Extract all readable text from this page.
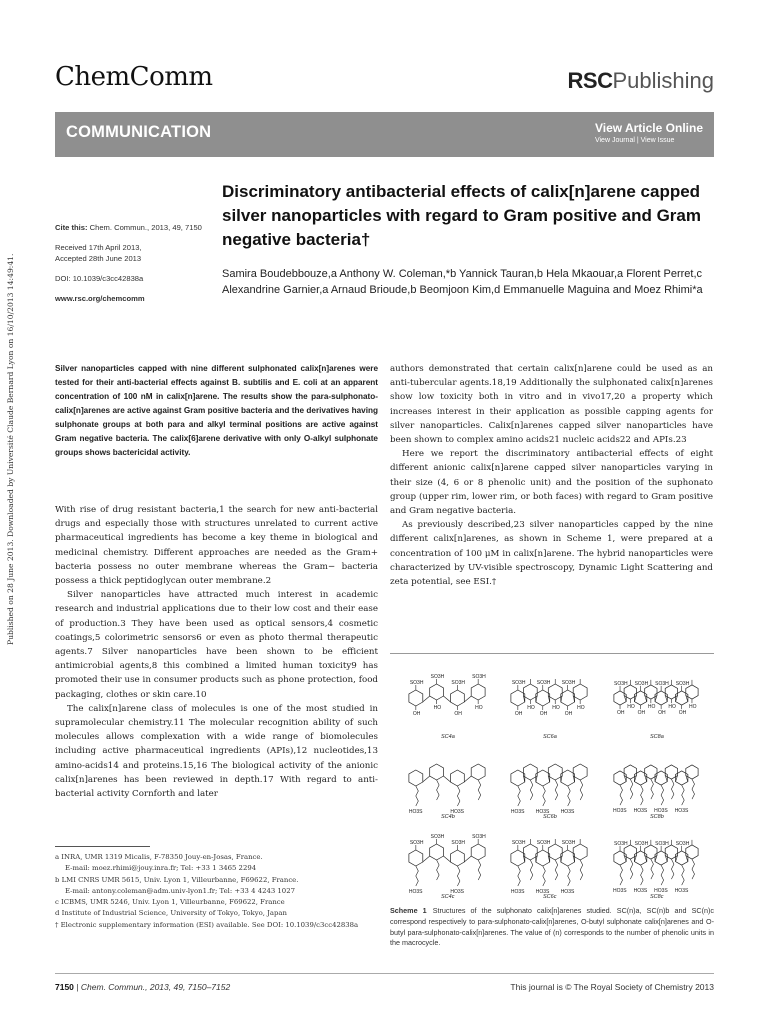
Published on 28 June 2013. Downloaded by Université Claude Bernard Lyon on 16/10/2013 14:49:41.
ChemComm	RSCPublishing
COMMUNICATION	View Article Online
View Journal | View Issue
Cite this: Chem. Commun., 2013, 49, 7150
Received 17th April 2013,
Accepted 28th June 2013
DOI: 10.1039/c3cc42838a
www.rsc.org/chemcomm
Discriminatory antibacterial effects of calix[n]arene capped silver nanoparticles with regard to Gram positive and Gram negative bacteria†
Samira Boudebbouze,a Anthony W. Coleman,*b Yannick Tauran,b Hela Mkaouar,a Florent Perret,c Alexandrine Garnier,a Arnaud Brioude,b Beomjoon Kim,d Emmanuelle Maguina and Moez Rhimi*a
Silver nanoparticles capped with nine different sulphonated calix[n]arenes were tested for their anti-bacterial effects against B. subtilis and E. coli at an apparent concentration of 100 nM in calix[n]arene. The results show the para-sulphonato-calix[n]arenes are active against Gram positive bacteria and the derivatives having sulphonate groups at both para and alkyl terminal positions are active against Gram negative bacteria. The calix[6]arene derivative with only O-alkyl sulphonate groups shows bactericidal activity.

With rise of drug resistant bacteria,1 the search for new anti-bacterial drugs and especially those with structures unrelated to current active pharmaceutical ingredients has become a key theme in biological and medicinal chemistry. Different approaches are needed as the Gram+ bacteria possess no outer membrane whereas the Gram− bacteria possess a thick peptidoglycan outer membrane.2

Silver nanoparticles have attracted much interest in academic research and industrial applications due to their low cost and their ease of production.3 They have been used as optical sensors,4 cosmetic coatings,5 colorimetric sensors6 or even as photo thermal therapeutic agents.7 Silver nanoparticles have been shown to be efficient antimicrobial agents,8 this combined a limited human toxicity9 has promoted their use in consumer products such as phone protection, food packaging, clothes or skin care.10

The calix[n]arene class of molecules is one of the most studied in supramolecular chemistry.11 The molecular recognition ability of such molecules allows complexation with a wide range of biomolecules including active pharmaceutical ingredients (APIs),12 nucleotides,13 amino-acids14 and proteins.15,16 The biological activity of the anionic calix[n]arenes has been reviewed in depth.17 With regard to anti-bacterial activity Cornforth and later

authors demonstrated that certain calix[n]arene could be used as an anti-tubercular agents.18,19 Additionally the sulphonated calix[n]arenes show low toxicity both in vitro and in vivo17,20 a property which increases interest in their application as possible capping agents for silver nanoparticles. Calix[n]arenes capped silver nanoparticles have been shown to complex amino acids21 nucleic acids22 and APIs.23

Here we report the discriminatory antibacterial effects of eight different anionic calix[n]arene capped silver nanoparticles varying in their size (4, 6 or 8 phenolic unit) and the position of the suphonato group (upper rim, lower rim, or both faces) with regard to Gram positive and Gram negative bacteria.

As previously described,23 silver nanoparticles capped by the nine different calix[n]arenes, as shown in Scheme 1, were prepared at a concentration of 100 μM in calix[n]arene. The hybrid nanoparticles were characterized by UV-visible spectroscopy, Dynamic Light Scattering and zeta potential, see ESI.†

a INRA, UMR 1319 Micalis, F-78350 Jouy-en-Josas, France.
E-mail: moez.rhimi@jouy.inra.fr; Tel: +33 1 3465 2294
b LMI CNRS UMR 5615, Univ. Lyon 1, Villeurbanne, F69622, France.
E-mail: antony.coleman@adm.univ-lyon1.fr; Tel: +33 4 4243 1027
c ICBMS, UMR 5246, Univ. Lyon 1, Villeurbanne, F69622, France
d Institute of Industrial Science, University of Tokyo, Tokyo, Japan
† Electronic supplementary information (ESI) available. See DOI: 10.1039/c3cc42838a
SO3H
OH
SO3H
HO
SO3H
OH
SO3H
HO
SC4a
SO3H
OH
HO
SO3H
OH
HO
SO3H
OH
HO
SC6a
SO3H
OH
HO
SO3H
OH
HO
SO3H
OH
HO
SO3H
OH
HO
SC8a
HO3S	HO3S
SC4b
HO3S HO3S HO3S
SC6b
HO3S HO3S HO3S HO3S
SC8b
SO3H
HO3S
SO3H
SO3H
HO3S
SO3H
SC4c
SO3H
HO3S
SO3H
HO3S
SO3H
HO3S
SC6c
SO3H
HO3S
SO3H
HO3S
SO3H
HO3S
SO3H
HO3S
SC8c
Scheme 1 Structures of the sulphonato calix[n]arenes studied. SC(n)a, SC(n)b and SC(n)c correspond respectively to para-sulphonato-calix[n]arenes, O-butyl sulphonate calix[n]arenes and O-butyl para-sulphonato-calix[n]arenes. The value of (n) corresponds to the number of phenolic units in the macrocycle.
7150 | Chem. Commun., 2013, 49, 7150–7152	This journal is © The Royal Society of Chemistry 2013
